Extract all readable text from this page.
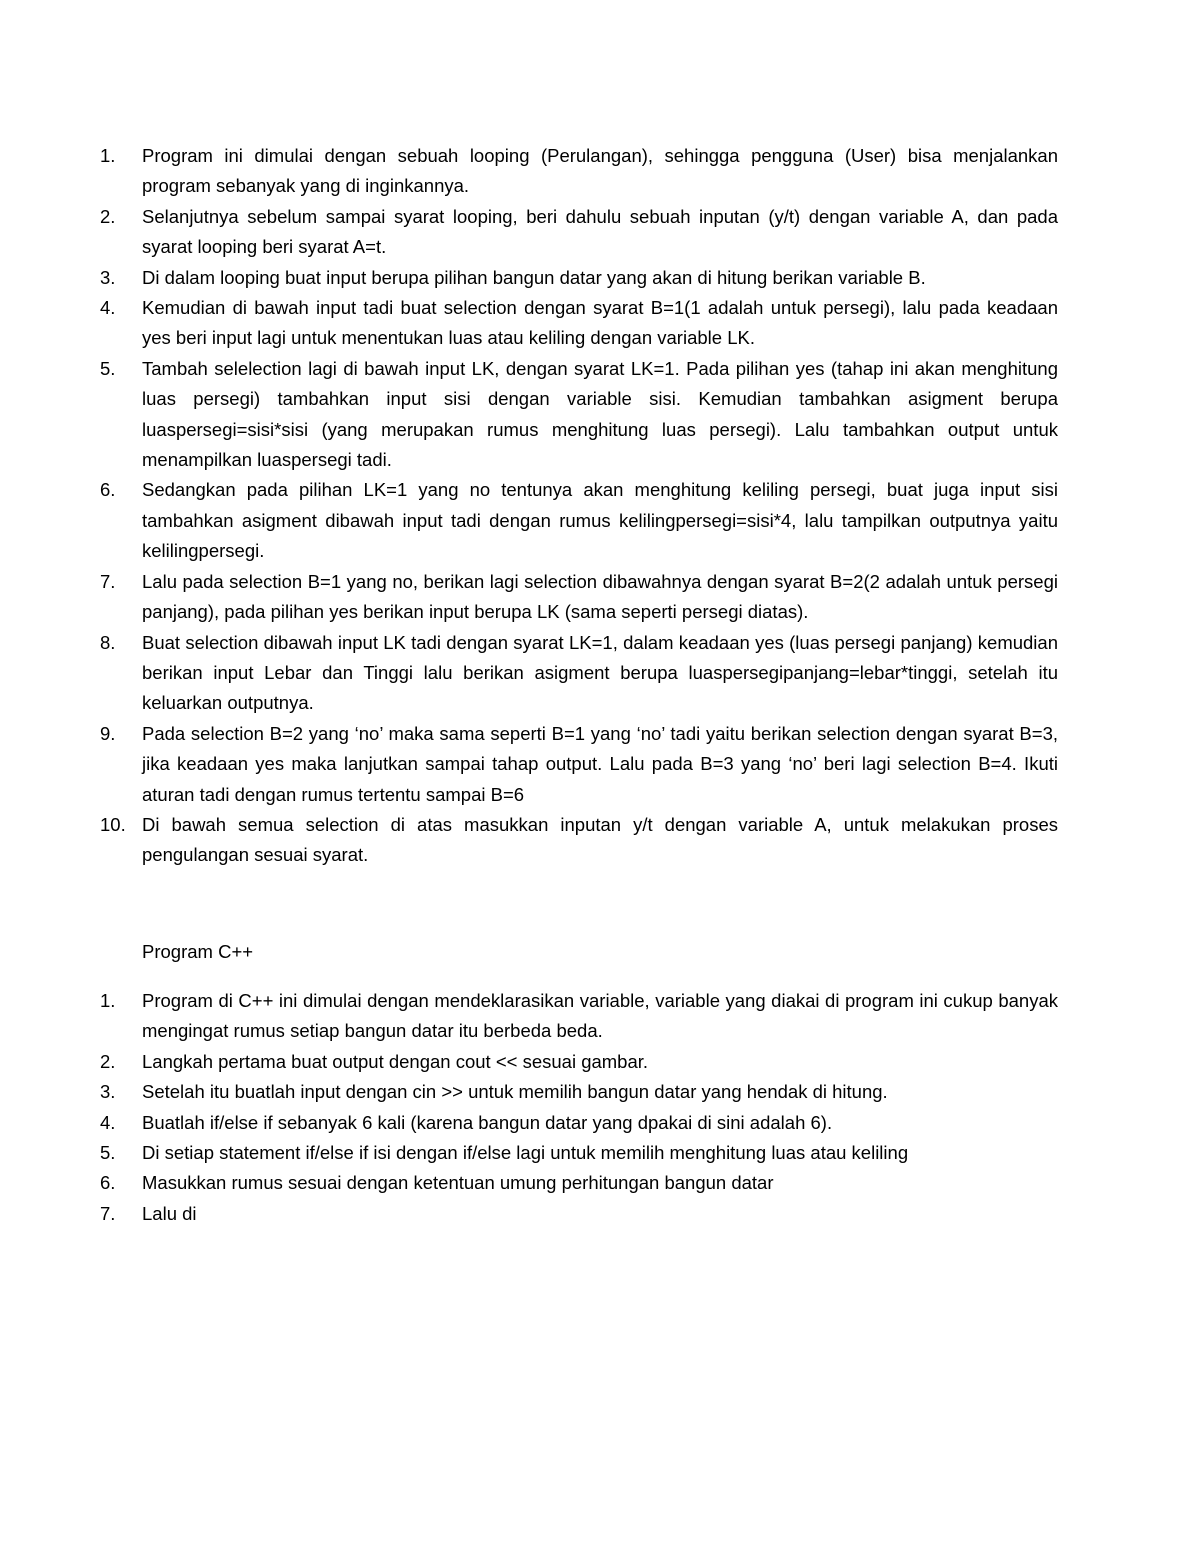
1.	Program ini dimulai dengan sebuah looping (Perulangan), sehingga pengguna (User) bisa menjalankan program sebanyak yang di inginkannya.
2.	Selanjutnya sebelum sampai syarat looping, beri dahulu sebuah inputan (y/t) dengan variable A, dan pada syarat looping beri syarat A=t.
3.	Di dalam looping buat input berupa pilihan bangun datar yang akan di hitung berikan variable B.
4.	Kemudian di bawah input tadi buat selection dengan syarat B=1(1 adalah untuk persegi), lalu pada keadaan yes beri input lagi untuk menentukan luas atau keliling dengan variable LK.
5.	Tambah selelection lagi di bawah input LK, dengan syarat LK=1. Pada pilihan yes (tahap ini akan menghitung luas persegi) tambahkan input sisi dengan variable sisi. Kemudian tambahkan asigment berupa luaspersegi=sisi*sisi (yang merupakan rumus menghitung luas persegi). Lalu tambahkan output untuk menampilkan luaspersegi tadi.
6.	Sedangkan pada pilihan LK=1 yang no tentunya akan menghitung keliling persegi, buat juga input sisi tambahkan asigment dibawah input tadi dengan rumus kelilingpersegi=sisi*4, lalu tampilkan outputnya yaitu kelilingpersegi.
7.	Lalu pada selection B=1 yang no, berikan lagi selection dibawahnya dengan syarat B=2(2 adalah untuk persegi panjang), pada pilihan yes berikan input berupa LK (sama seperti persegi diatas).
8.	Buat selection dibawah input LK tadi dengan syarat LK=1, dalam keadaan yes (luas persegi panjang) kemudian berikan input Lebar dan Tinggi lalu berikan asigment berupa luaspersegipanjang=lebar*tinggi, setelah itu keluarkan outputnya.
9.	Pada selection B=2 yang ‘no’ maka sama seperti B=1 yang ‘no’ tadi yaitu berikan selection dengan syarat B=3, jika keadaan yes maka lanjutkan sampai tahap output. Lalu pada B=3 yang ‘no’ beri lagi selection B=4. Ikuti aturan tadi dengan rumus tertentu sampai B=6
10. Di bawah semua selection di atas masukkan inputan y/t dengan variable A, untuk melakukan proses pengulangan sesuai syarat.
Program C++
1.	Program di C++ ini dimulai dengan mendeklarasikan variable, variable yang diakai di program ini cukup banyak mengingat rumus setiap bangun datar itu berbeda beda.
2.	Langkah pertama buat output dengan cout << sesuai gambar.
3.	Setelah itu buatlah input dengan cin >> untuk memilih bangun datar yang hendak di hitung.
4.	Buatlah if/else if sebanyak 6 kali (karena bangun datar yang dpakai di sini adalah 6).
5.	Di setiap statement if/else if isi dengan if/else lagi untuk memilih menghitung luas atau keliling
6.	Masukkan rumus sesuai dengan ketentuan umung perhitungan bangun datar
7.	Lalu di
